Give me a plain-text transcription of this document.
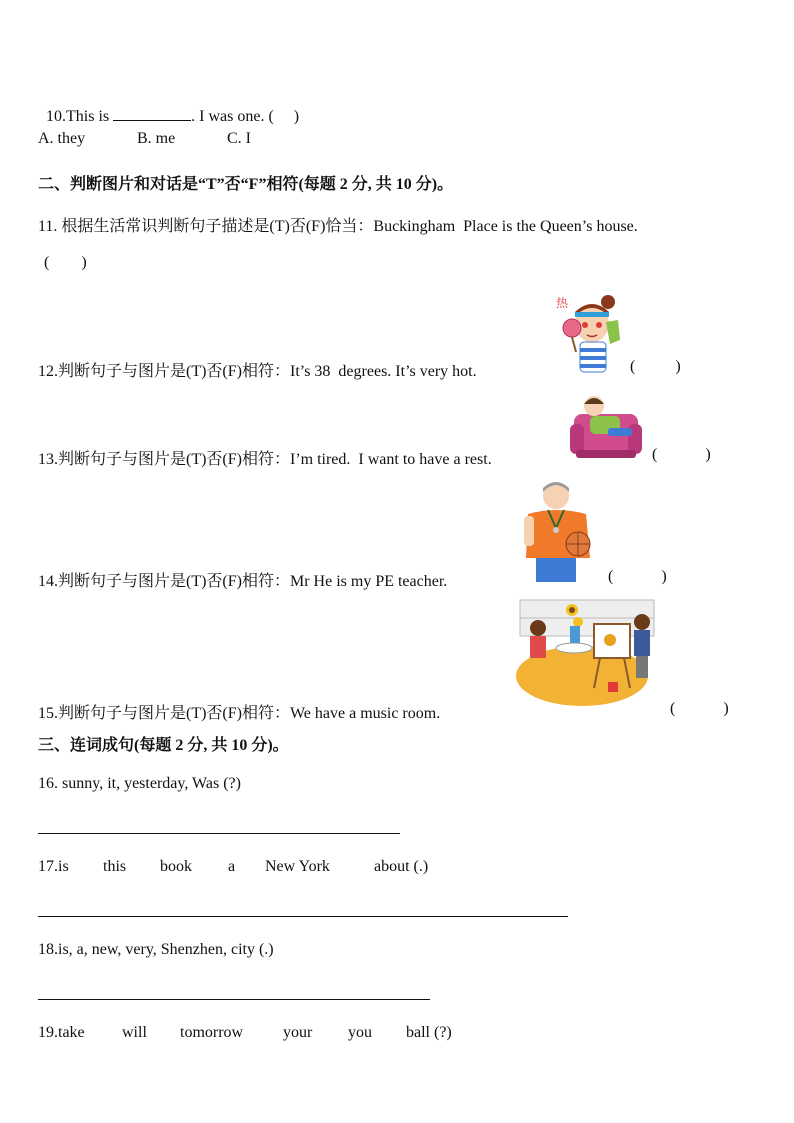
10.This is	. I was one. ( )

A. they	B. me	C. I
二、判断图片和对话是“T”否“F”相符(每题 2 分, 共 10 分)。
11. 根据生活常识判断句子描述是(T)否(F)恰当：Buckingham  Place is the Queen’s house.
(        )
12.判断句子与图片是(T)否(F)相符：It’s 38  degrees. It’s very hot.	(          )
热
13.判断句子与图片是(T)否(F)相符：I’m tired.  I want to have a rest.	(            )
14.判断句子与图片是(T)否(F)相符：Mr He is my PE teacher.	(            )
15.判断句子与图片是(T)否(F)相符：We have a music room.	(            )
三、连词成句(每题 2 分, 共 10 分)。
16. sunny, it, yesterday, Was (?)
17.is this book a New York	about (.)
18.is, a, new, very, Shenzhen, city (.)
19.take will tomorrow your you ball (?)
